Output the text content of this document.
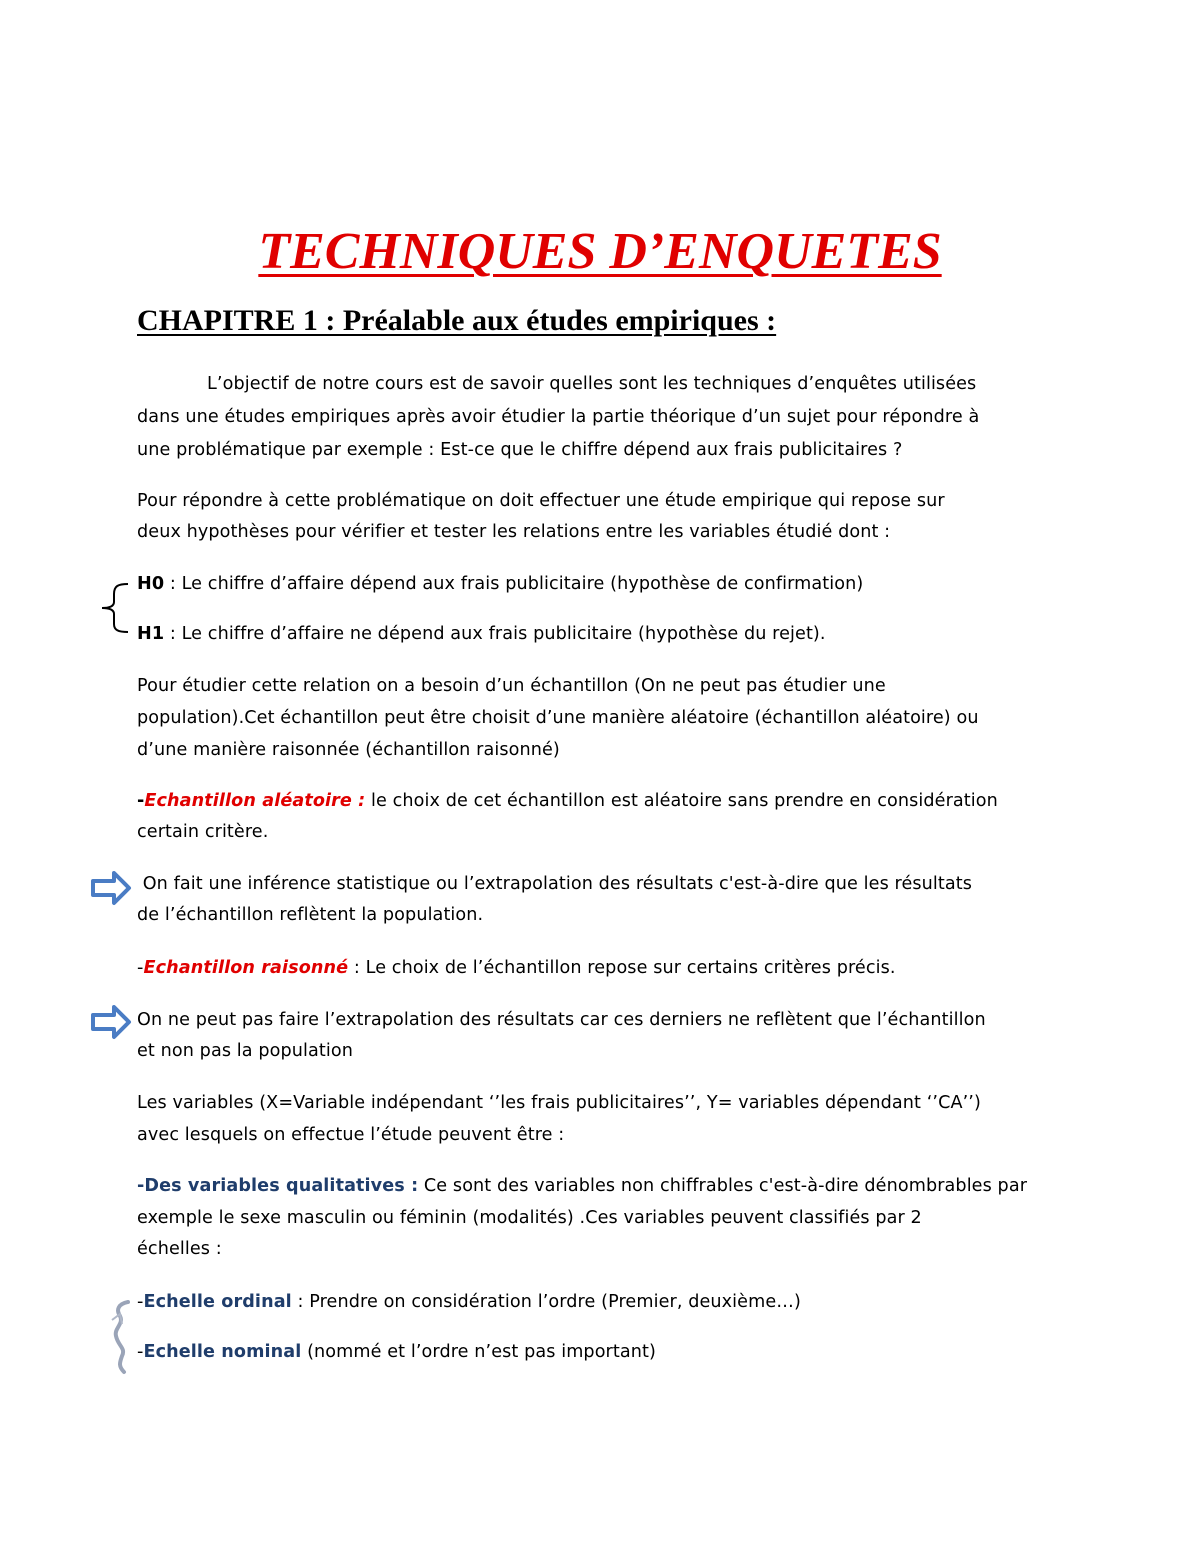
TECHNIQUES D’ENQUETES
CHAPITRE 1 : Préalable aux études empiriques :

L’objectif de notre cours est de savoir quelles sont les techniques d’enquêtes utilisées

dans une études empiriques après avoir étudier la partie théorique d’un sujet pour répondre à

une problématique par exemple : Est-ce que le chiffre dépend aux frais publicitaires ?

Pour répondre à cette problématique on doit effectuer une étude empirique qui repose sur

deux hypothèses pour vérifier et tester les relations entre les variables étudié dont :

H0 : Le chiffre d’affaire dépend aux frais publicitaire (hypothèse de confirmation)

H1 : Le chiffre d’affaire ne dépend aux frais publicitaire (hypothèse du rejet).

Pour étudier cette relation on a besoin d’un échantillon (On ne peut pas étudier une

population).Cet échantillon peut être choisit d’une manière aléatoire (échantillon aléatoire) ou

d’une manière raisonnée (échantillon raisonné)

-Echantillon aléatoire : le choix de cet échantillon est aléatoire sans prendre en considération

certain critère.

On fait une inférence statistique ou l’extrapolation des résultats c'est-à-dire que les résultats

de l’échantillon reflètent la population.

-Echantillon raisonné : Le choix de l’échantillon repose sur certains critères précis.

On ne peut pas faire l’extrapolation des résultats car ces derniers ne reflètent que l’échantillon

et non pas la population

Les variables (X=Variable indépendant ‘’les frais publicitaires’’, Y= variables dépendant ‘’CA’’)

avec lesquels on effectue l’étude peuvent être :

-Des variables qualitatives : Ce sont des variables non chiffrables c'est-à-dire dénombrables par

exemple le sexe masculin ou féminin (modalités) .Ces variables peuvent classifiés par 2

échelles :

-Echelle ordinal : Prendre on considération l’ordre (Premier, deuxième…)

-Echelle nominal (nommé et l’ordre n’est pas important)
